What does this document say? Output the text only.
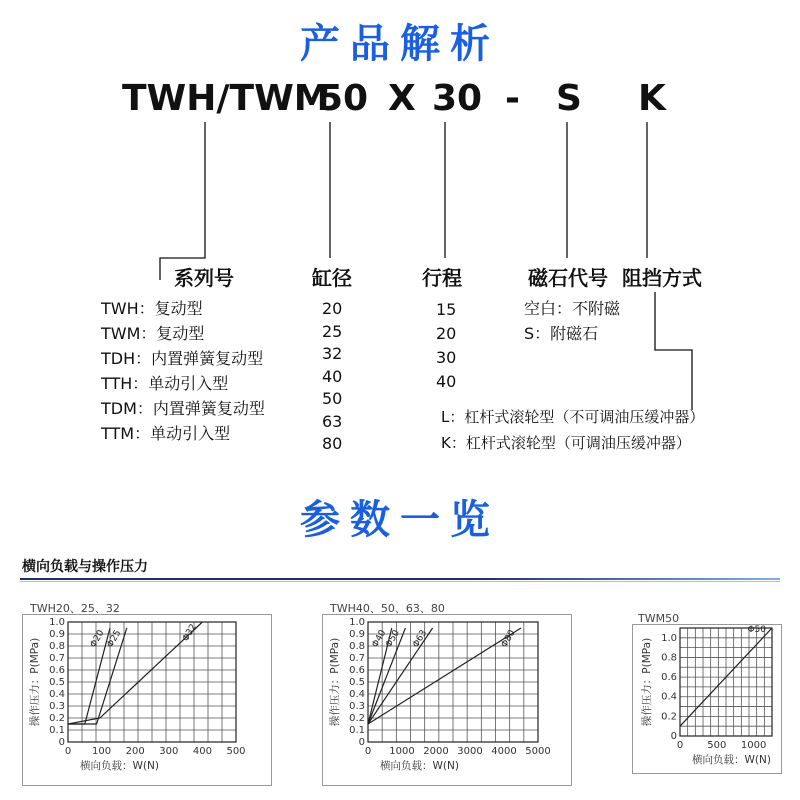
产品解析
参数一览
TWH/TWM
50 X 30 - S K
系列号	缸径	行程	磁石代号 阻挡方式
TWH：复动型
TWM：复动型
TDH：内置弹簧复动型
TTH：单动引入型
TDM：内置弹簧复动型
TTM：单动引入型
20
25
32
40
50
63
80
15
20
30
40
空白：不附磁
S：附磁石
L：杠杆式滚轮型（不可调油压缓冲器）
K：杠杆式滚轮型（可调油压缓冲器）
横向负载与操作压力
TWH20、25、32	TWH40、50、63、80
TWM50
0 100 200 300 400 500
0
0.1
0.2
0.3
0.4
0.5
0.6
0.7
0.8
0.9
1.0
横向负载：W(N)
操作压力：P(MPa)	Φ20
Φ25	Φ32
0 1000 2000 3000 4000 5000
0
0.1
0.2
0.3
0.4
0.5
0.6
0.7
0.8
0.9
1.0
横向负载：W(N)
操作压力：P(MPa)	Φ40
Φ50 Φ63	Φ80
0 500 1000
0
0.2
0.4
0.6
0.8
1.0
横向负载：W(N)
操作压力：P(MPa)
Φ50
